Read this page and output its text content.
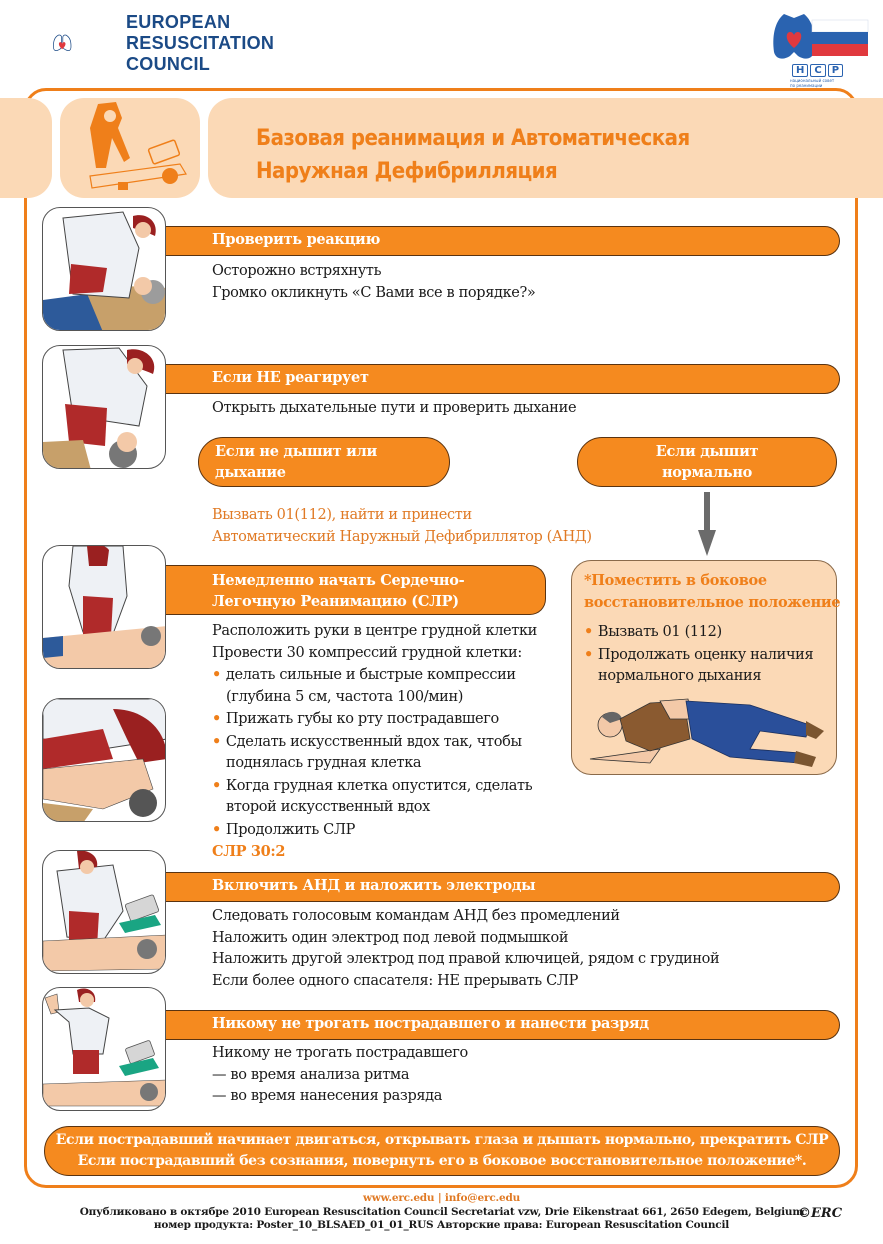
EUROPEAN
RESUSCITATION
COUNCIL	Н	С	Р
национальный совет
по реанимации
Базовая реанимация и Автоматическая
Наружная Дефибрилляция
Проверить реакцию
Осторожно встряхнуть
Громко окликнуть «С Вами все в порядке?»
Если НЕ реагирует
Открыть дыхательные пути и проверить дыхание
Если не дышит или дыхание
патологическое
Если дышит
нормально
Вызвать 01(112), найти и принести
Автоматический Наружный Дефибриллятор (АНД)
*Поместить в боковое
восстановительное положение
• Вызвать 01 (112)
• Продолжать оценку наличия
нормального дыхания
Немедленно начать Сердечно-
Легочную Реанимацию (СЛР)
Расположить руки в центре грудной клетки
Провести 30 компрессий грудной клетки:
• делать сильные и быстрые компрессии
(глубина 5 см, частота 100/мин)
• Прижать губы ко рту пострадавшего
• Сделать искусственный вдох так, чтобы
поднялась грудная клетка
• Когда грудная клетка опустится, сделать
второй искусственный вдох
• Продолжить СЛР
СЛР 30:2
Включить АНД и наложить электроды
Следовать голосовым командам АНД без промедлений
Наложить один электрод под левой подмышкой
Наложить другой электрод под правой ключицей, рядом с грудиной
Если более одного спасателя: НЕ прерывать СЛР
Никому не трогать пострадавшего и нанести разряд
Никому не трогать пострадавшего
— во время анализа ритма
— во время нанесения разряда
Если пострадавший начинает двигаться, открывать глаза и дышать нормально, прекратить СЛР
Если пострадавший без сознания, повернуть его в боковое восстановительное положение*.
www.erc.edu | info@erc.edu
Опубликовано в октябре 2010 European Resuscitation Council Secretariat vzw, Drie Eikenstraat 661, 2650 Edegem, Belgium
номер продукта: Poster_10_BLSAED_01_01_RUS Авторские права: European Resuscitation Council
©ERC
